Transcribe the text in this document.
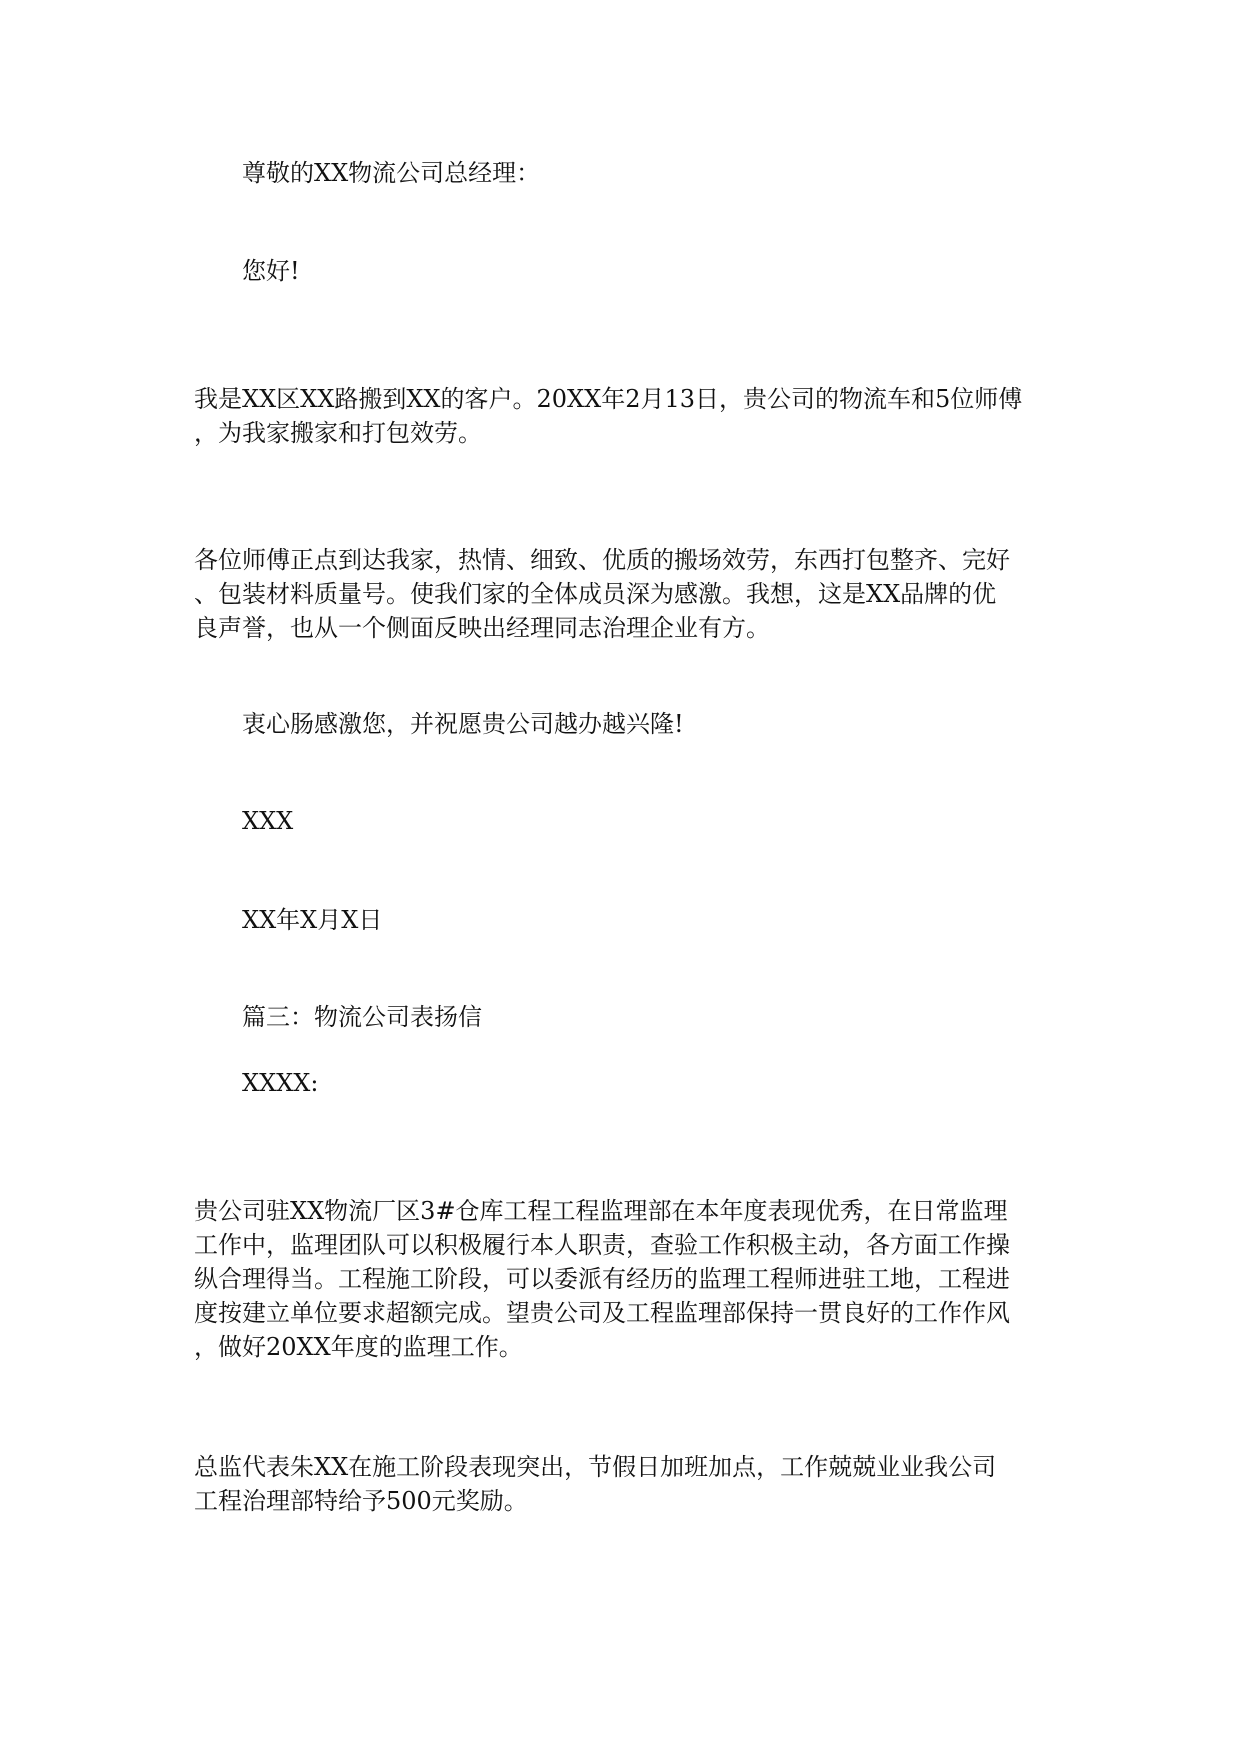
尊敬的XX物流公司总经理：
您好!
我是XX区XX路搬到XX的客户。20XX年2月13日，贵公司的物流车和5位师傅
，为我家搬家和打包效劳。
各位师傅正点到达我家，热情、细致、优质的搬场效劳，东西打包整齐、完好
、包装材料质量号。使我们家的全体成员深为感激。我想，这是XX品牌的优
良声誉，也从一个侧面反映出经理同志治理企业有方。
衷心肠感激您，并祝愿贵公司越办越兴隆!
XXX
XX年X月X日
篇三：物流公司表扬信
XXXX:
贵公司驻XX物流厂区3#仓库工程工程监理部在本年度表现优秀，在日常监理
工作中，监理团队可以积极履行本人职责，查验工作积极主动，各方面工作操
纵合理得当。工程施工阶段，可以委派有经历的监理工程师进驻工地，工程进
度按建立单位要求超额完成。望贵公司及工程监理部保持一贯良好的工作作风
，做好20XX年度的监理工作。
总监代表朱XX在施工阶段表现突出，节假日加班加点，工作兢兢业业我公司
工程治理部特给予500元奖励。
